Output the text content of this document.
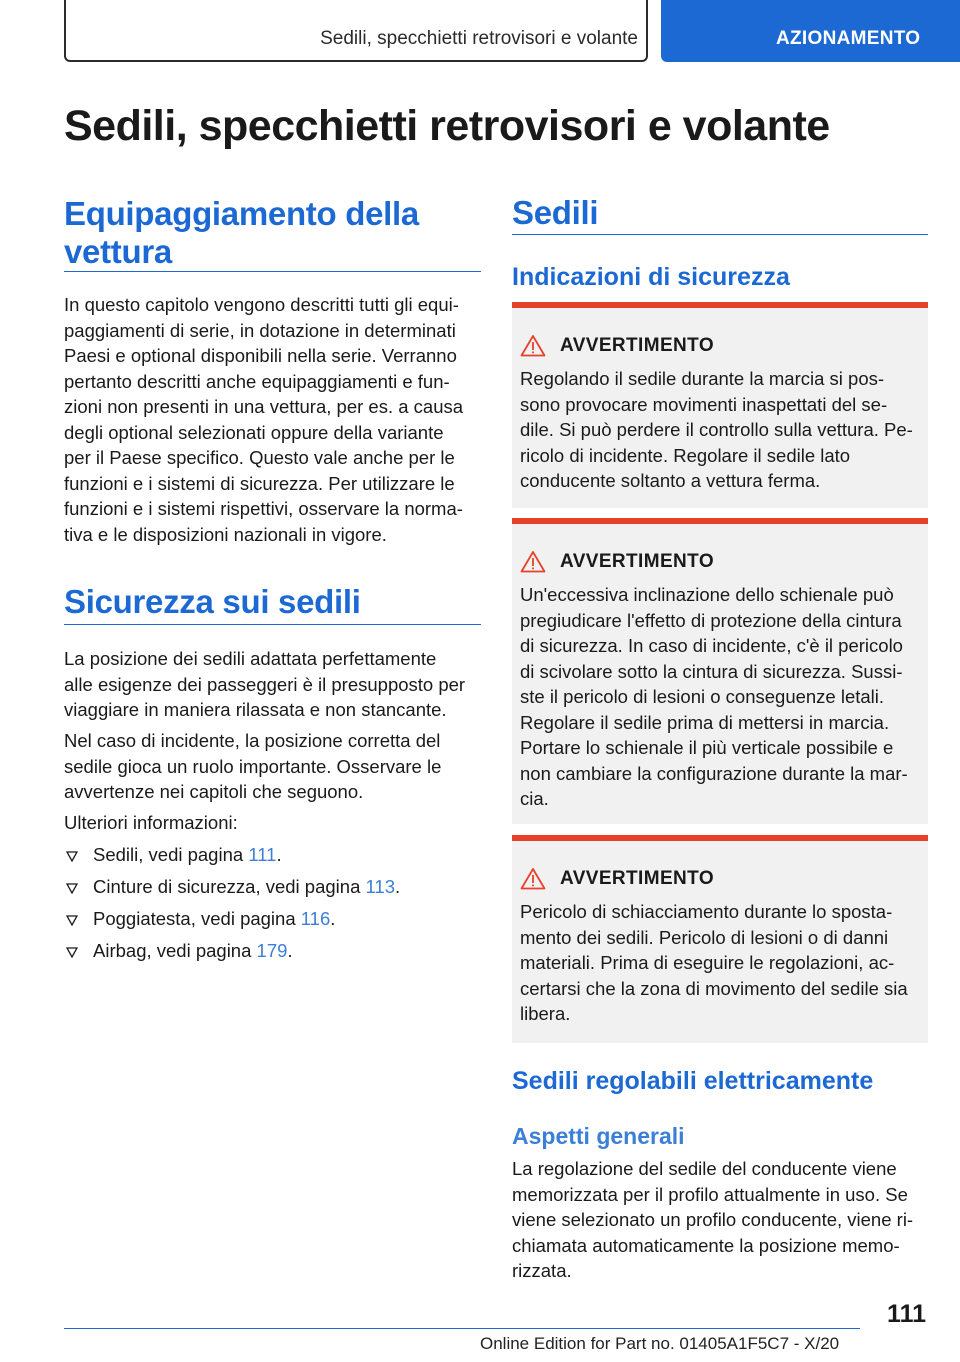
Sedili, specchietti retrovisori e volante	AZIONAMENTO
Sedili, specchietti retrovisori e volante
Equipaggiamento della
vettura

In questo capitolo vengono descritti tutti gli equi-
paggiamenti di serie, in dotazione in determinati
Paesi e optional disponibili nella serie. Verranno
pertanto descritti anche equipaggiamenti e fun-
zioni non presenti in una vettura, per es. a causa
degli optional selezionati oppure della variante
per il Paese specifico. Questo vale anche per le
funzioni e i sistemi di sicurezza. Per utilizzare le
funzioni e i sistemi rispettivi, osservare la norma-
tiva e le disposizioni nazionali in vigore.

Sicurezza sui sedili

La posizione dei sedili adattata perfettamente
alle esigenze dei passeggeri è il presupposto per
viaggiare in maniera rilassata e non stancante.

Nel caso di incidente, la posizione corretta del
sedile gioca un ruolo importante. Osservare le
avvertenze nei capitoli che seguono.

Ulteriori informazioni:

Sedili, vedi pagina 111.
Cinture di sicurezza, vedi pagina 113.
Poggiatesta, vedi pagina 116.
Airbag, vedi pagina 179.
Sedili
Indicazioni di sicurezza
AVVERTIMENTO

Regolando il sedile durante la marcia si pos-
sono provocare movimenti inaspettati del se-
dile. Si può perdere il controllo sulla vettura. Pe-
ricolo di incidente. Regolare il sedile lato
conducente soltanto a vettura ferma.

AVVERTIMENTO

Un'eccessiva inclinazione dello schienale può
pregiudicare l'effetto di protezione della cintura
di sicurezza. In caso di incidente, c'è il pericolo
di scivolare sotto la cintura di sicurezza. Sussi-
ste il pericolo di lesioni o conseguenze letali.
Regolare il sedile prima di mettersi in marcia.
Portare lo schienale il più verticale possibile e
non cambiare la configurazione durante la mar-
cia.

AVVERTIMENTO

Pericolo di schiacciamento durante lo sposta-
mento dei sedili. Pericolo di lesioni o di danni
materiali. Prima di eseguire le regolazioni, ac-
certarsi che la zona di movimento del sedile sia
libera.

Sedili regolabili elettricamente
Aspetti generali

La regolazione del sedile del conducente viene
memorizzata per il profilo attualmente in uso. Se
viene selezionato un profilo conducente, viene ri-
chiamata automaticamente la posizione memo-
rizzata.

111
Online Edition for Part no. 01405A1F5C7 - X/20
